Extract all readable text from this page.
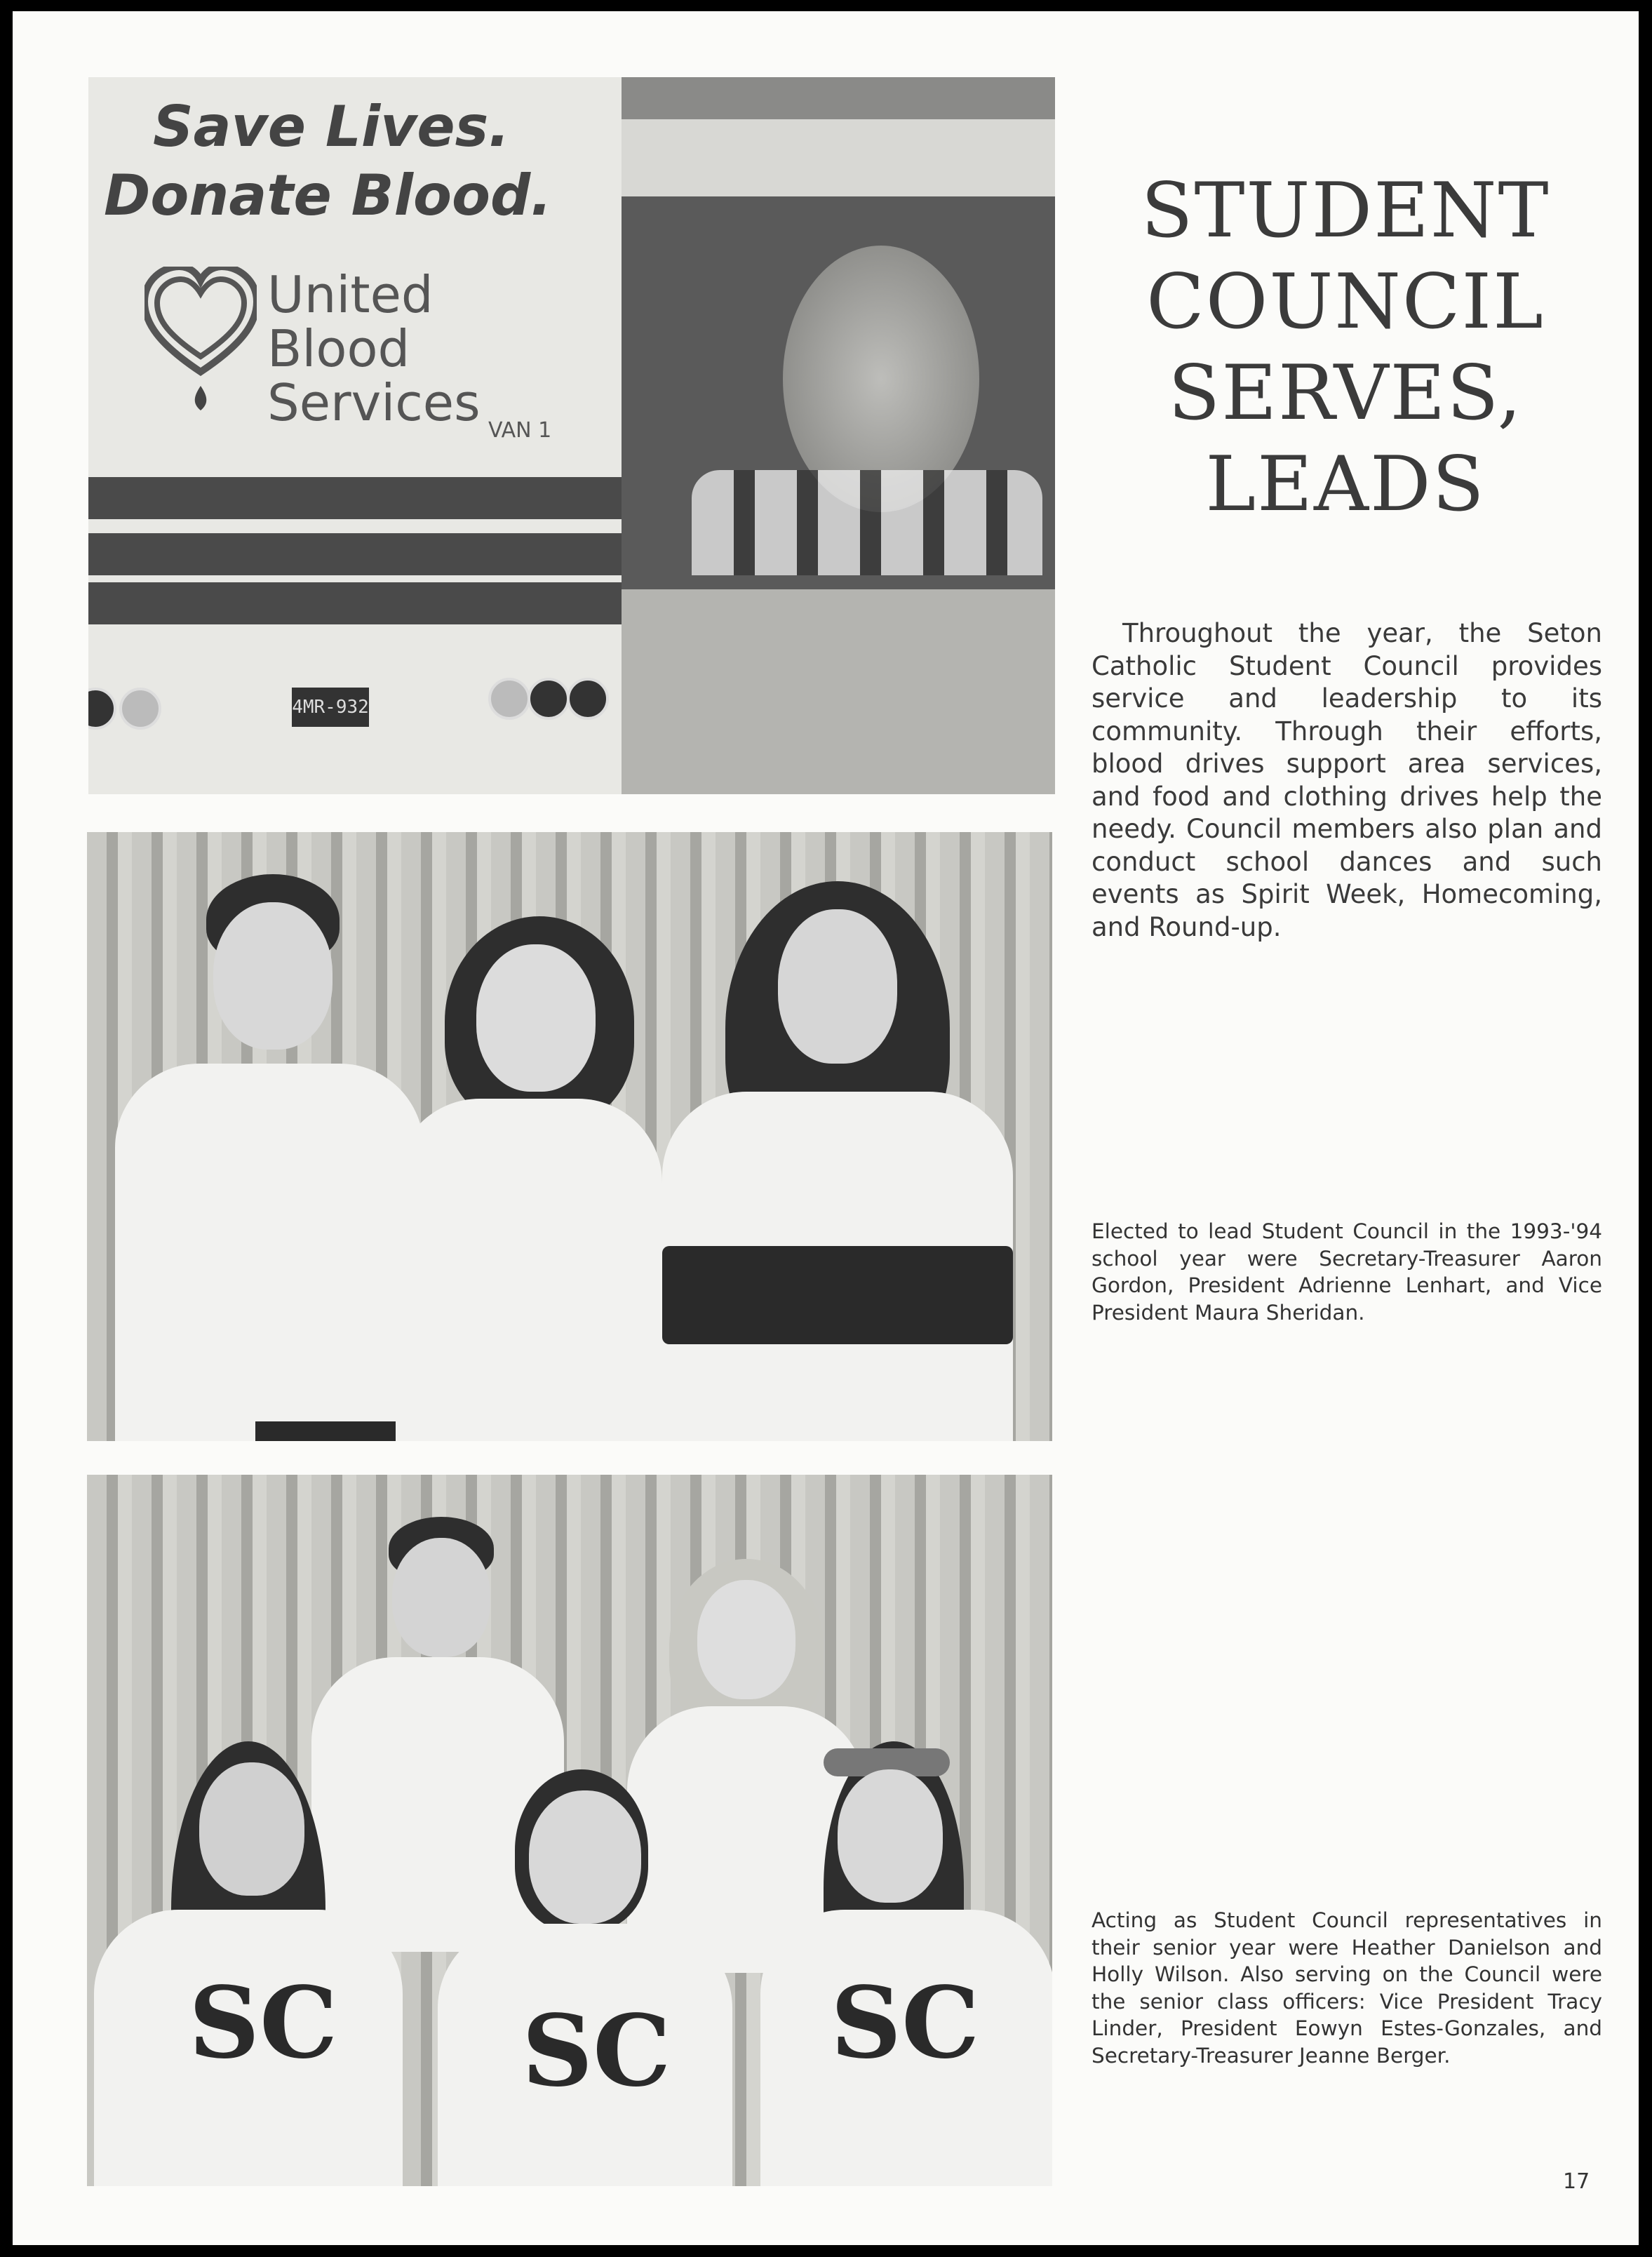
Save Lives.
Donate Blood.
United
Blood
Services VAN 1
4MR-932
SC SC SC
STUDENT
COUNCIL
SERVES,
LEADS

Throughout the year, the Seton Catholic Student Council provides service and leadership to its community. Through their efforts, blood drives support area services, and food and clothing drives help the needy. Council members also plan and conduct school dances and such events as Spirit Week, Homecoming, and Round-up.

Elected to lead Student Council in the 1993-'94 school year were Secretary-Treasurer Aaron Gordon, President Adrienne Lenhart, and Vice President Maura Sheridan.

Acting as Student Council representatives in their senior year were Heather Danielson and Holly Wilson. Also serving on the Council were the senior class officers: Vice President Tracy Linder, President Eowyn Estes-Gonzales, and Secretary-Treasurer Jeanne Berger.

17
